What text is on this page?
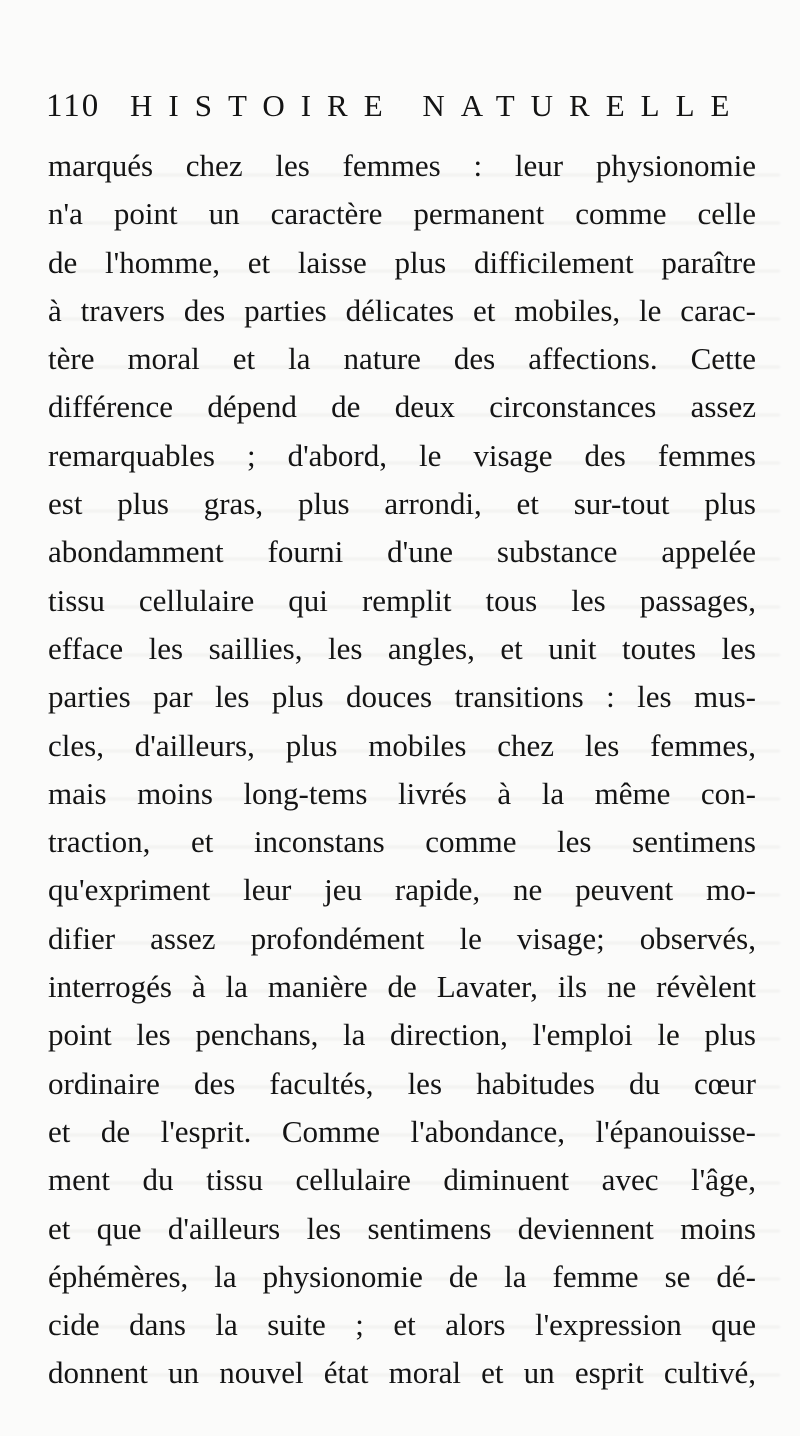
110 HISTOIRE NATURELLE
marqués chez les femmes : leur physionomie
n'a point un caractère permanent comme celle
de l'homme, et laisse plus difficilement paraître
à travers des parties délicates et mobiles, le carac-
tère moral et la nature des affections. Cette
différence dépend de deux circonstances assez
remarquables ; d'abord, le visage des femmes
est plus gras, plus arrondi, et sur-tout plus
abondamment fourni d'une substance appelée
tissu cellulaire qui remplit tous les passages,
efface les saillies, les angles, et unit toutes les
parties par les plus douces transitions : les mus-
cles, d'ailleurs, plus mobiles chez les femmes,
mais moins long-tems livrés à la même con-
traction, et inconstans comme les sentimens
qu'expriment leur jeu rapide, ne peuvent mo-
difier assez profondément le visage; observés,
interrogés à la manière de Lavater, ils ne révèlent
point les penchans, la direction, l'emploi le plus
ordinaire des facultés, les habitudes du cœur
et de l'esprit. Comme l'abondance, l'épanouisse-
ment du tissu cellulaire diminuent avec l'âge,
et que d'ailleurs les sentimens deviennent moins
éphémères, la physionomie de la femme se dé-
cide dans la suite ; et alors l'expression que
donnent un nouvel état moral et un esprit cultivé,
